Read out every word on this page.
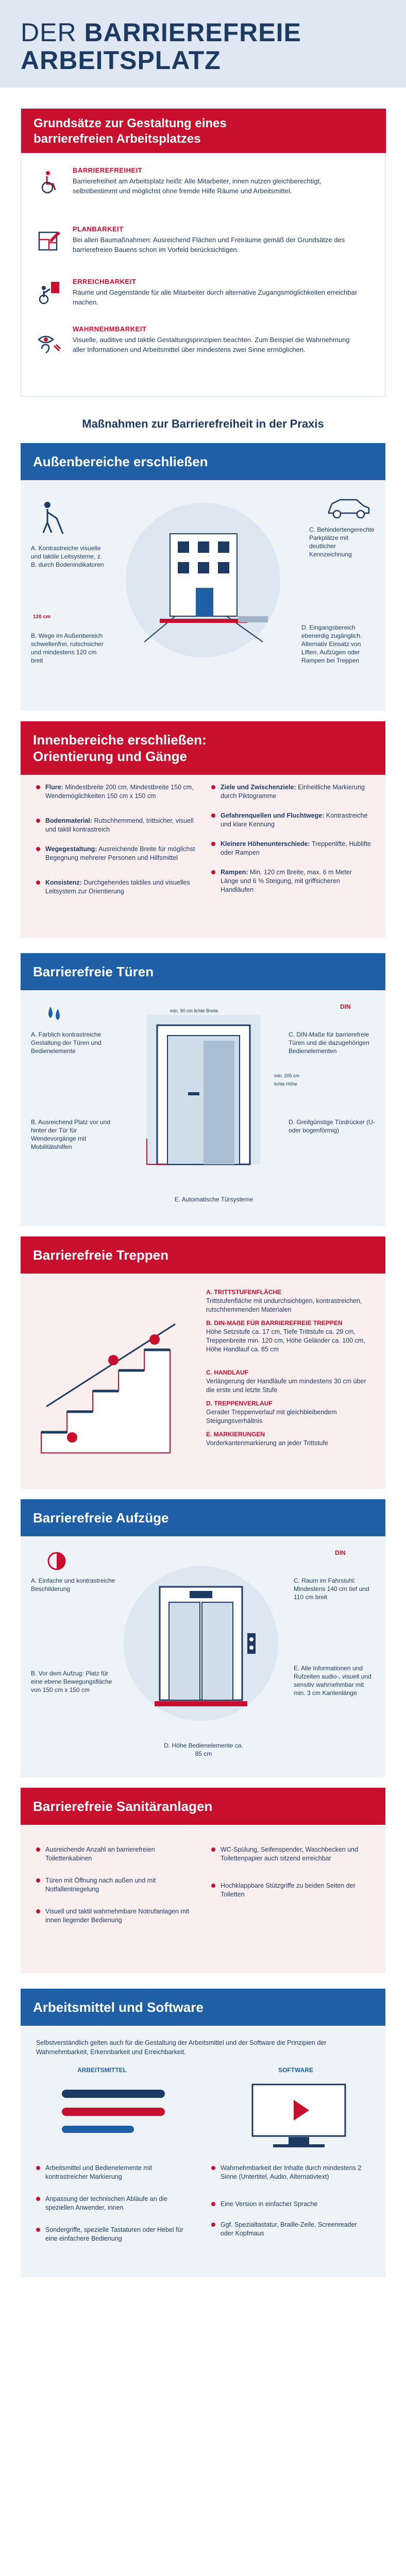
DER BARRIEREFREIE
ARBEITSPLATZ
Grundsätze zur Gestaltung eines
barrierefreien Arbeitsplatzes
BARRIEREFREIHEIT
Barrierefreiheit am Arbeitsplatz heißt: Alle Mitarbeiter, innen nutzen gleichberechtigt, selbstbestimmt und möglichst ohne fremde Hilfe Räume und Arbeitsmittel.
PLANBARKEIT
Bei allen Baumaßnahmen: Ausreichend Flächen und Freiräume gemäß der Grundsätze des barrierefreien Bauens schon im Vorfeld berücksichtigen.
ERREICHBARKEIT
Räume und Gegenstände für alle Mitarbeiter durch alternative Zugangsmöglichkeiten erreichbar machen.
WAHRNEHMBARKEIT
Visuelle, auditive und taktile Gestaltungsprinzipien beachten. Zum Beispiel die Wahrnehmung aller Informationen und Arbeitsmittel über mindestens zwei Sinne ermöglichen.
Maßnahmen zur Barrierefreiheit in der Praxis
Außenbereiche erschließen
A. Kontrastreiche visuelle und taktile Leitsysteme, z. B. durch Bodenindikatoren
C. Behindertengerechte Parkplätze mit deutlicher Kennzeichnung
120 cm
B. Wege im Außenbereich schwellenfrei, rutschsicher und mindestens 120 cm breit
D. Eingangsbereich ebenerdig zugänglich. Alternativ Einsatz von Liften, Aufzügen oder Rampen bei Treppen
Innenbereiche erschließen:
Orientierung und Gänge
Flure: Mindestbreite 200 cm, Mindestbreite 150 cm, Wendemöglichkeiten 150 cm x 150 cm
Bodenmaterial: Rutschhemmend, trittsicher, visuell und taktil kontrastreich
Wegegestaltung: Ausreichende Breite für möglichst Begegnung mehrerer Personen und Hilfsmittel
Konsistenz: Durchgehendes taktiles und visuelles Leitsystem zur Orientierung
Ziele und Zwischenziele: Einheitliche Markierung durch Piktogramme
Gefahrenquellen und Fluchtwege: Kontrastreiche und klare Kennung
Kleinere Höhenunterschiede: Treppenlifte, Hublifte oder Rampen
Rampen: Min. 120 cm Breite, max. 6 m Meter Länge und 6 % Steigung, mit griffsicheren Handläufen
Barrierefreie Türen
min. 90 cm lichte Breite
min. 205 cm lichte Höhe
A. Farblich kontrastreiche Gestaltung der Türen und Bedienelemente
DIN
C. DIN-Maße für barrierefreie Türen und die dazugehörigen Bedienelementen
B. Ausreichend Platz vor und hinter der Tür für Wendevorgänge mit Mobilitätshilfen
D. Greifgünstige Türdrücker (U- oder bogenförmig)
E. Automatische Türsysteme
Barrierefreie Treppen
A. TRITTSTUFENFLÄCHE
Trittstufenfläche mit undurchsichtigen, kontrastreichen, rutschhemmenden Materialen
B. DIN-MAẞE FÜR BARRIEREFREIE TREPPEN
Höhe Setzstufe ca. 17 cm, Tiefe Trittstufe ca. 29 cm, Treppenbreite min. 120 cm, Höhe Geländer ca. 100 cm, Höhe Handlauf ca. 85 cm
C. HANDLAUF
Verlängerung der Handläufe um mindestens 30 cm über die erste und letzte Stufe
D. TREPPENVERLAUF
Gerader Treppenverlauf mit gleichbleibendem Steigungsverhältnis
E. MARKIERUNGEN
Vorderkantenmarkierung an jeder Trittstufe
Barrierefreie Aufzüge
A. Einfache und kontrastreiche Beschilderung
DIN
C. Raum im Fahrstuhl: Mindestens 140 cm tief und 110 cm breit
B. Vor dem Aufzug: Platz für eine ebene Bewegungsfläche von 150 cm x 150 cm
E. Alle Informationen und Rufzeiten audio-, visuell und sensitiv wahrnehmbar mit min. 3 cm Kantenlänge
D. Höhe Bedienelemente ca. 85 cm
Barrierefreie Sanitäranlagen
Ausreichende Anzahl an barrierefreien Toilettenkabinen
Türen mit Öffnung nach außen und mit Notfallentriegelung
Visuell und taktil wahrnehmbare Notrufanlagen mit innen liegender Bedienung
WC-Spülung, Seifenspender, Waschbecken und Toilettenpapier auch sitzend erreichbar
Hochklappbare Stützgriffe zu beiden Seiten der Toiletten
Arbeitsmittel und Software
Selbstverständlich gelten auch für die Gestaltung der Arbeitsmittel und der Software die Prinzipien der Wahrnehmbarkeit, Erkennbarkeit und Erreichbarkeit.
ARBEITSMITTEL	SOFTWARE
Arbeitsmittel und Bedienelemente mit kontrastreicher Markierung
Anpassung der technischen Abläufe an die speziellen Anwender, innen
Sondergriffe, spezielle Tastaturen oder Hebel für eine einfachere Bedienung
Wahrnehmbarkeit der Inhalte durch mindestens 2 Sinne (Untertitel, Audio, Alternativtext)
Eine Version in einfacher Sprache
Ggf. Spezialtastatur, Braille-Zeile, Screenreader oder Kopfmaus
